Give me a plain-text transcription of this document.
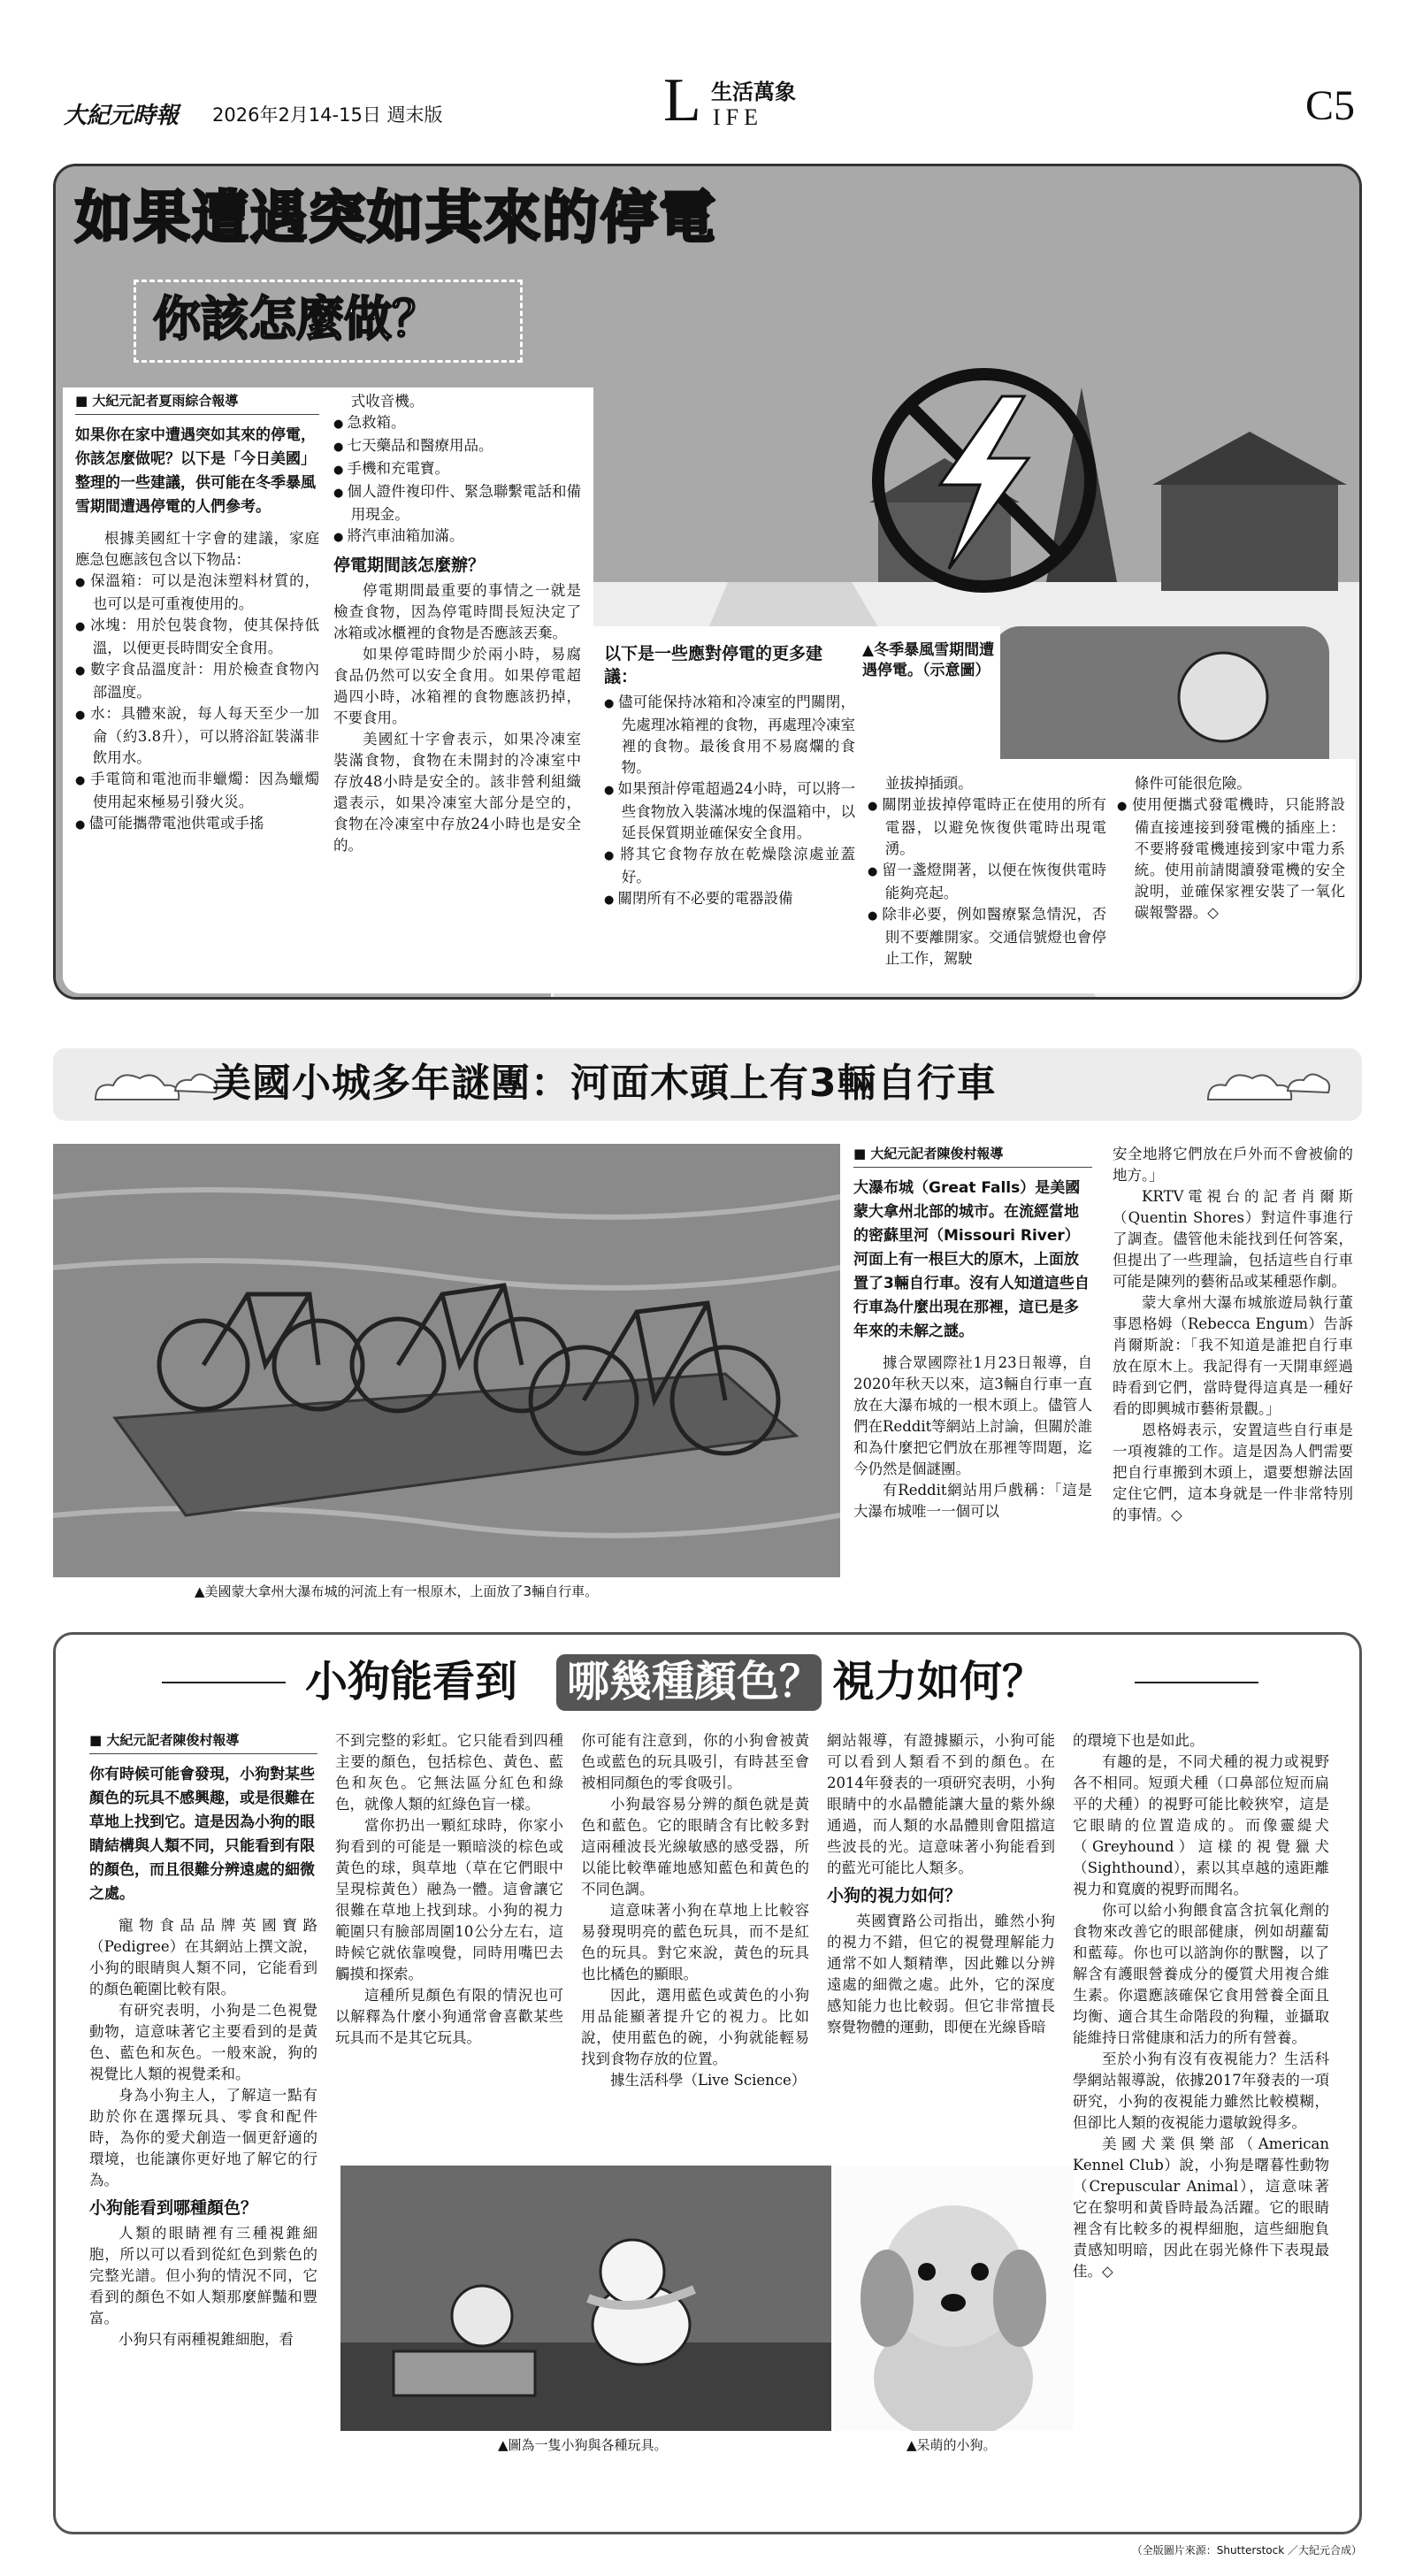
大紀元時報 2026年2月14-15日 週末版	L 生活萬象
IFE	C5
如果遭遇突如其來的停電
你該怎麼做？
■ 大紀元記者夏雨綜合報導
如果你在家中遭遇突如其來的停電，你該怎麼做呢？以下是「今日美國」整理的一些建議，供可能在冬季暴風雪期間遭遇停電的人們參考。

根據美國紅十字會的建議，家庭應急包應該包含以下物品：

● 保溫箱：可以是泡沫塑料材質的，也可以是可重複使用的。
● 冰塊：用於包裝食物，使其保持低溫，以便更長時間安全食用。
● 數字食品溫度計：用於檢查食物內部溫度。
● 水：具體來說，每人每天至少一加侖（約3.8升），可以將浴缸裝滿非飲用水。
● 手電筒和電池而非蠟燭：因為蠟燭使用起來極易引發火災。
● 儘可能攜帶電池供電或手搖

式收音機。

● 急救箱。
● 七天藥品和醫療用品。
● 手機和充電寶。
● 個人證件複印件、緊急聯繫電話和備用現金。
● 將汽車油箱加滿。
停電期間該怎麼辦？

停電期間最重要的事情之一就是檢查食物，因為停電時間長短決定了冰箱或冰櫃裡的食物是否應該丟棄。

如果停電時間少於兩小時，易腐食品仍然可以安全食用。如果停電超過四小時，冰箱裡的食物應該扔掉，不要食用。

美國紅十字會表示，如果冷凍室裝滿食物，食物在未開封的冷凍室中存放48小時是安全的。該非營利組織還表示，如果冷凍室大部分是空的，食物在冷凍室中存放24小時也是安全的。

以下是一些應對停電的更多建議：
● 儘可能保持冰箱和冷凍室的門關閉，先處理冰箱裡的食物，再處理冷凍室裡的食物。最後食用不易腐爛的食物。
● 如果預計停電超過24小時，可以將一些食物放入裝滿冰塊的保溫箱中，以延長保質期並確保安全食用。
● 將其它食物存放在乾燥陰涼處並蓋好。
● 關閉所有不必要的電器設備
▲冬季暴風雪期間遭遇停電。（示意圖）

並拔掉插頭。

● 關閉並拔掉停電時正在使用的所有電器，以避免恢復供電時出現電湧。
● 留一盞燈開著，以便在恢復供電時能夠亮起。
● 除非必要，例如醫療緊急情況，否則不要離開家。交通信號燈也會停止工作，駕駛

條件可能很危險。

● 使用便攜式發電機時，只能將設備直接連接到發電機的插座上：不要將發電機連接到家中電力系統。使用前請閱讀發電機的安全說明，並確保家裡安裝了一氧化碳報警器。◇
美國小城多年謎團：河面木頭上有3輛自行車
▲美國蒙大拿州大瀑布城的河流上有一根原木，上面放了3輛自行車。
■ 大紀元記者陳俊村報導
大瀑布城（Great Falls）是美國蒙大拿州北部的城市。在流經當地的密蘇里河（Missouri River）河面上有一根巨大的原木，上面放置了3輛自行車。沒有人知道這些自行車為什麼出現在那裡，這已是多年來的未解之謎。

據合眾國際社1月23日報導，自2020年秋天以來，這3輛自行車一直放在大瀑布城的一根木頭上。儘管人們在Reddit等網站上討論，但關於誰和為什麼把它們放在那裡等問題，迄今仍然是個謎團。

有Reddit網站用戶戲稱：「這是大瀑布城唯一一個可以

安全地將它們放在戶外而不會被偷的地方。」

KRTV電視台的記者肖爾斯（Quentin Shores）對這件事進行了調查。儘管他未能找到任何答案，但提出了一些理論，包括這些自行車可能是陳列的藝術品或某種惡作劇。

蒙大拿州大瀑布城旅遊局執行董事恩格姆（Rebecca Engum）告訴肖爾斯說：「我不知道是誰把自行車放在原木上。我記得有一天開車經過時看到它們，當時覺得這真是一種好看的即興城市藝術景觀。」

恩格姆表示，安置這些自行車是一項複雜的工作。這是因為人們需要把自行車搬到木頭上，還要想辦法固定住它們，這本身就是一件非常特別的事情。◇

小狗能看到 哪幾種顏色？ 視力如何？
■ 大紀元記者陳俊村報導
你有時候可能會發現，小狗對某些顏色的玩具不感興趣，或是很難在草地上找到它。這是因為小狗的眼睛結構與人類不同，只能看到有限的顏色，而且很難分辨遠處的細微之處。

寵物食品品牌英國寶路（Pedigree）在其網站上撰文說，小狗的眼睛與人類不同，它能看到的顏色範圍比較有限。

有研究表明，小狗是二色視覺動物，這意味著它主要看到的是黃色、藍色和灰色。一般來說，狗的視覺比人類的視覺柔和。

身為小狗主人，了解這一點有助於你在選擇玩具、零食和配件時，為你的愛犬創造一個更舒適的環境，也能讓你更好地了解它的行為。

小狗能看到哪種顏色？

人類的眼睛裡有三種視錐細胞，所以可以看到從紅色到紫色的完整光譜。但小狗的情況不同，它看到的顏色不如人類那麼鮮豔和豐富。

小狗只有兩種視錐細胞，看

不到完整的彩虹。它只能看到四種主要的顏色，包括棕色、黃色、藍色和灰色。它無法區分紅色和綠色，就像人類的紅綠色盲一樣。

當你扔出一顆紅球時，你家小狗看到的可能是一顆暗淡的棕色或黃色的球，與草地（草在它們眼中呈現棕黃色）融為一體。這會讓它很難在草地上找到球。小狗的視力範圍只有臉部周圍10公分左右，這時候它就依靠嗅覺，同時用嘴巴去觸摸和探索。

這種所見顏色有限的情況也可以解釋為什麼小狗通常會喜歡某些玩具而不是其它玩具。

你可能有注意到，你的小狗會被黃色或藍色的玩具吸引，有時甚至會被相同顏色的零食吸引。

小狗最容易分辨的顏色就是黃色和藍色。它的眼睛含有比較多對這兩種波長光線敏感的感受器，所以能比較準確地感知藍色和黃色的不同色調。

這意味著小狗在草地上比較容易發現明亮的藍色玩具，而不是紅色的玩具。對它來說，黃色的玩具也比橘色的顯眼。

因此，選用藍色或黃色的小狗用品能顯著提升它的視力。比如說，使用藍色的碗，小狗就能輕易找到食物存放的位置。

據生活科學（Live Science）

網站報導，有證據顯示，小狗可能可以看到人類看不到的顏色。在2014年發表的一項研究表明，小狗眼睛中的水晶體能讓大量的紫外線通過，而人類的水晶體則會阻擋這些波長的光。這意味著小狗能看到的藍光可能比人類多。

小狗的視力如何？

英國寶路公司指出，雖然小狗的視力不錯，但它的視覺理解能力通常不如人類精準，因此難以分辨遠處的細微之處。此外，它的深度感知能力也比較弱。但它非常擅長察覺物體的運動，即便在光線昏暗

的環境下也是如此。

有趣的是，不同犬種的視力或視野各不相同。短頭犬種（口鼻部位短而扁平的犬種）的視野可能比較狹窄，這是它眼睛的位置造成的。而像靈緹犬（Greyhound）這樣的視覺獵犬（Sighthound），素以其卓越的遠距離視力和寬廣的視野而聞名。

你可以給小狗餵食富含抗氧化劑的食物來改善它的眼部健康，例如胡蘿蔔和藍莓。你也可以諮詢你的獸醫，以了解含有護眼營養成分的優質犬用複合維生素。你還應該確保它食用營養全面且均衡、適合其生命階段的狗糧，並攝取能維持日常健康和活力的所有營養。

至於小狗有沒有夜視能力？生活科學網站報導說，依據2017年發表的一項研究，小狗的夜視能力雖然比較模糊，但卻比人類的夜視能力還敏銳得多。

美國犬業俱樂部（American Kennel Club）說，小狗是曙暮性動物（Crepuscular Animal），這意味著它在黎明和黃昏時最為活躍。它的眼睛裡含有比較多的視桿細胞，這些細胞負責感知明暗，因此在弱光條件下表現最佳。◇

▲圖為一隻小狗與各種玩具。	▲呆萌的小狗。
（全版圖片來源：Shutterstock ／大紀元合成）
